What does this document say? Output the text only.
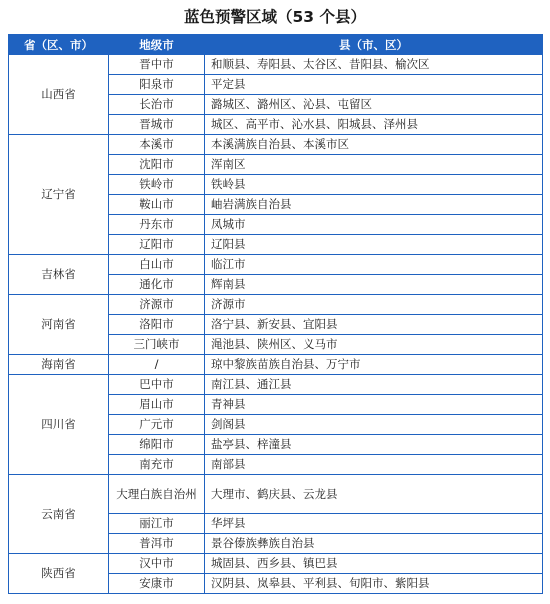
蓝色预警区域（53 个县）
省（区、市）	地级市	县（市、区）
山西省	晋中市	和顺县、寿阳县、太谷区、昔阳县、榆次区
	阳泉市	平定县
	长治市	潞城区、潞州区、沁县、屯留区
	晋城市	城区、高平市、沁水县、阳城县、泽州县
辽宁省	本溪市	本溪满族自治县、本溪市区
	沈阳市	浑南区
	铁岭市	铁岭县
	鞍山市	岫岩满族自治县
	丹东市	凤城市
	辽阳市	辽阳县
吉林省	白山市	临江市
	通化市	辉南县
河南省	济源市	济源市
	洛阳市	洛宁县、新安县、宜阳县
	三门峡市	渑池县、陕州区、义马市
海南省	/	琼中黎族苗族自治县、万宁市
四川省	巴中市	南江县、通江县
	眉山市	青神县
	广元市	剑阁县
	绵阳市	盐亭县、梓潼县
	南充市	南部县
云南省	大理白族自治州	大理市、鹤庆县、云龙县
	丽江市	华坪县
	普洱市	景谷傣族彝族自治县
陕西省	汉中市	城固县、西乡县、镇巴县
	安康市	汉阴县、岚皋县、平利县、旬阳市、紫阳县
